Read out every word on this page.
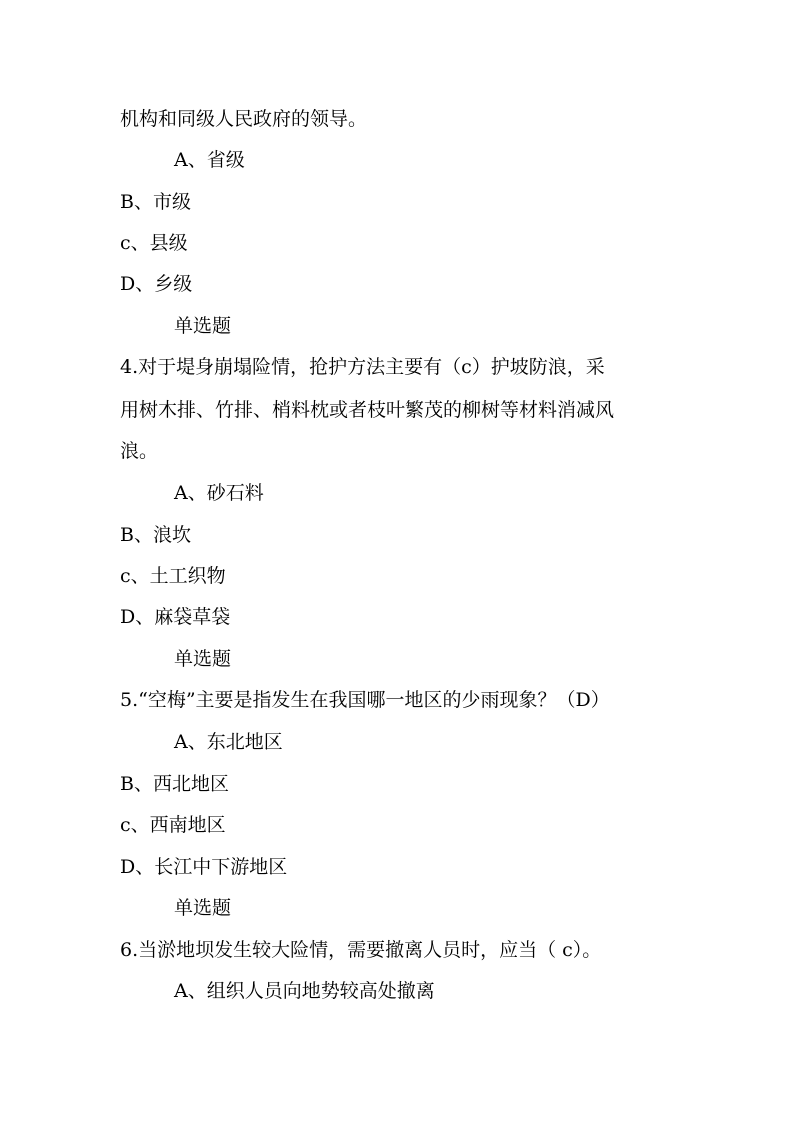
机构和同级人民政府的领导。
A、省级
B、市级
c、县级
D、乡级
单选题
4.对于堤身崩塌险情，抢护方法主要有（c）护坡防浪，采
用树木排、竹排、梢料枕或者枝叶繁茂的柳树等材料消减风
浪。
A、砂石料
B、浪坎
c、土工织物
D、麻袋草袋
单选题
5.“空梅”主要是指发生在我国哪一地区的少雨现象？（D）
A、东北地区
B、西北地区
c、西南地区
D、长江中下游地区
单选题
6.当淤地坝发生较大险情，需要撤离人员时，应当（ c）。
A、组织人员向地势较高处撤离
